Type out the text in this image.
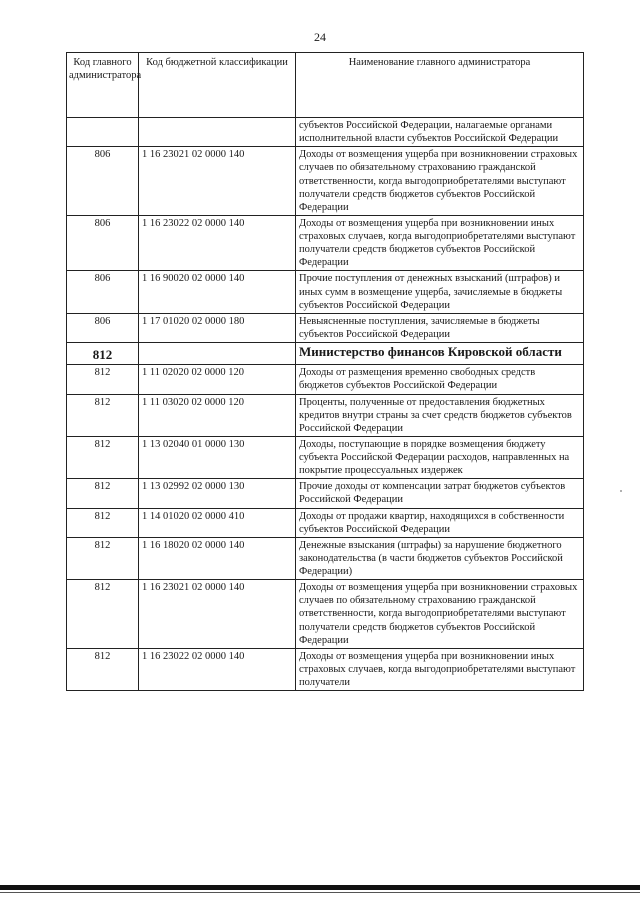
24
Код главного администратора	Код бюджетной классификации	Наименование главного администратора
		субъектов Российской Федерации, налагаемые органами исполнительной власти субъектов Российской Федерации
806	1 16 23021 02 0000 140	Доходы от возмещения ущерба при возникновении страховых случаев по обязательному страхованию гражданской ответственности, когда выгодоприобретателями выступают получатели средств бюджетов субъектов Российской Федерации
806	1 16 23022 02 0000 140	Доходы от возмещения ущерба при возникновении иных страховых случаев, когда выгодоприобретателями выступают получатели средств бюджетов субъектов Российской Федерации
806	1 16 90020 02 0000 140	Прочие поступления от денежных взысканий (штрафов) и иных сумм в возмещение ущерба, зачисляемые в бюджеты субъектов Российской Федерации
806	1 17 01020 02 0000 180	Невыясненные поступления, зачисляемые в бюджеты субъектов Российской Федерации
812		Министерство финансов Кировской области
812	1 11 02020 02 0000 120	Доходы от размещения временно свободных средств бюджетов субъектов Российской Федерации
812	1 11 03020 02 0000 120	Проценты, полученные от предоставления бюджетных кредитов внутри страны за счет средств бюджетов субъектов Российской Федерации
812	1 13 02040 01 0000 130	Доходы, поступающие в порядке возмещения бюджету субъекта Российской Федерации расходов, направленных на покрытие процессуальных издержек
812	1 13 02992 02 0000 130	Прочие доходы от компенсации затрат бюджетов субъектов Российской Федерации
812	1 14 01020 02 0000 410	Доходы от продажи квартир, находящихся в собственности субъектов Российской Федерации
812	1 16 18020 02 0000 140	Денежные взыскания (штрафы) за нарушение бюджетного законодательства (в части бюджетов субъектов Российской Федерации)
812	1 16 23021 02 0000 140	Доходы от возмещения ущерба при возникновении страховых случаев по обязательному страхованию гражданской ответственности, когда выгодоприобретателями выступают получатели средств бюджетов субъектов Российской Федерации
812	1 16 23022 02 0000 140	Доходы от возмещения ущерба при возникновении иных страховых случаев, когда выгодоприобретателями выступают получатели
